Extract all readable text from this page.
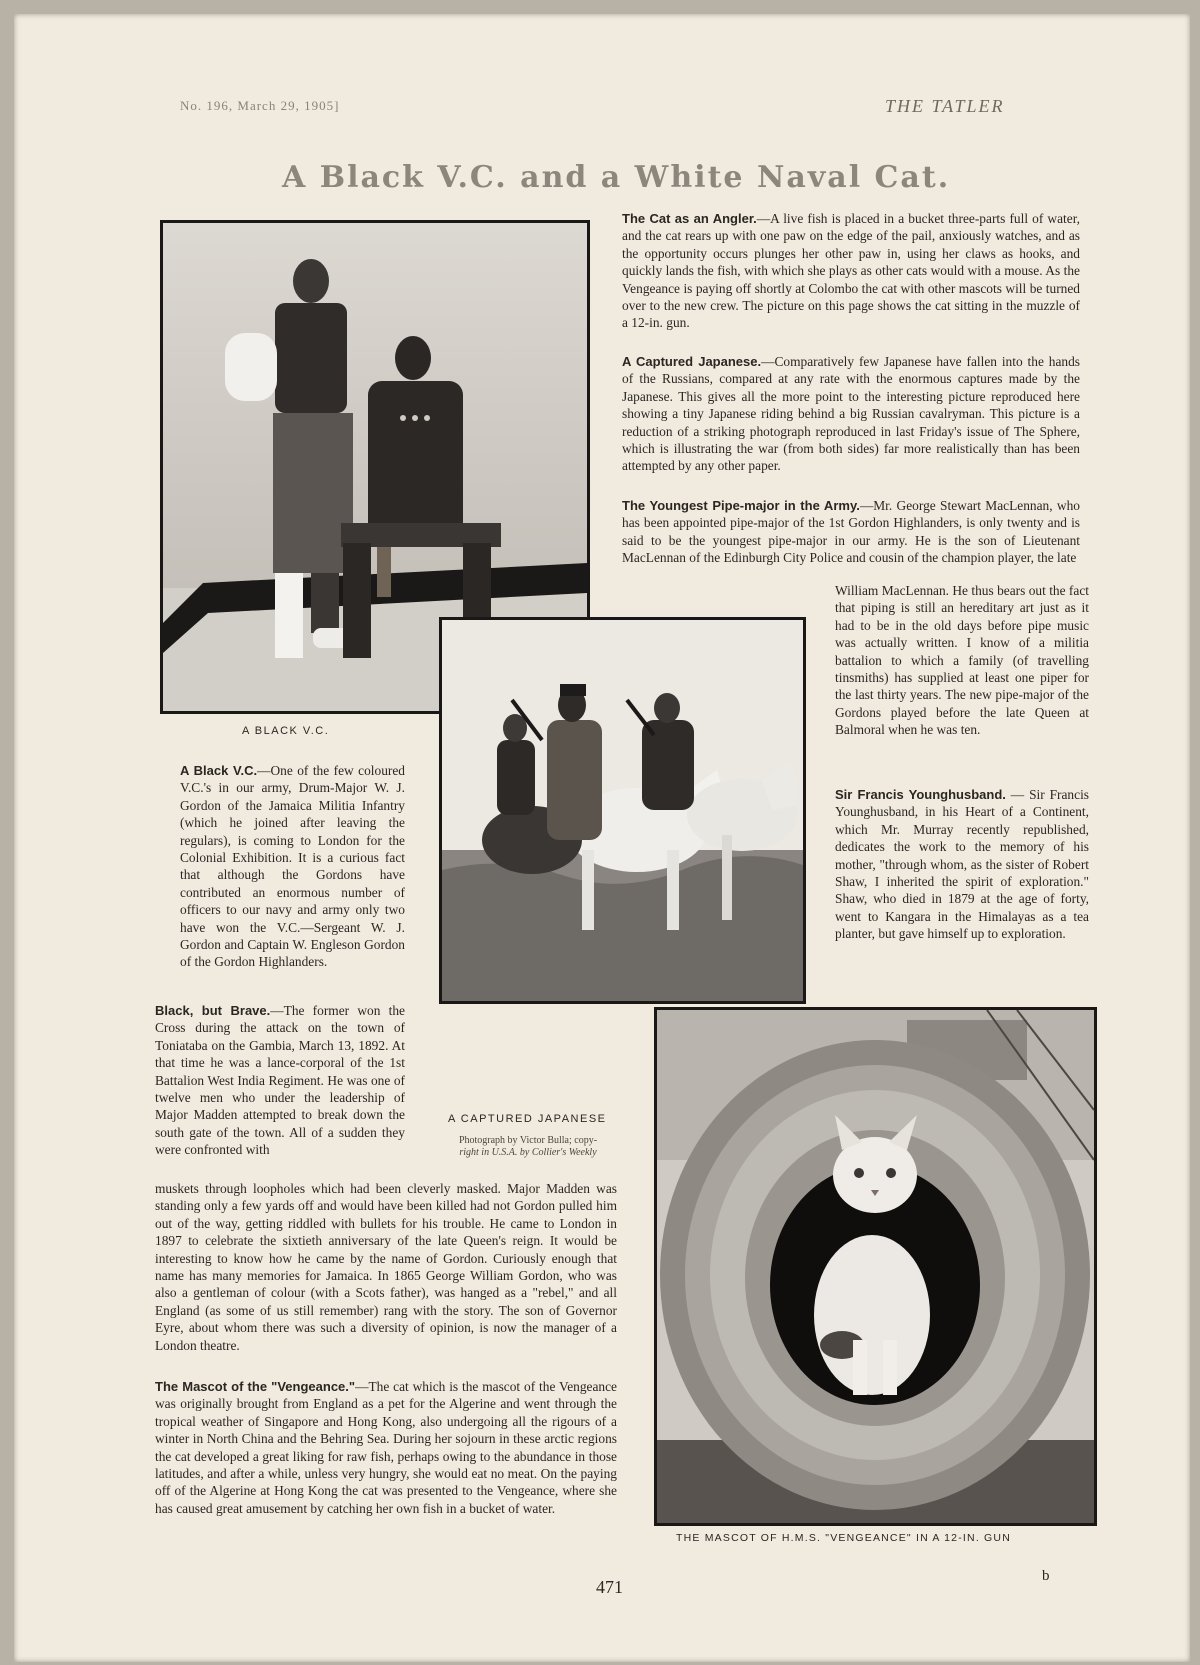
No. 196, March 29, 1905]	THE TATLER
A Black V.C. and a White Naval Cat.
A BLACK V.C.
A CAPTURED JAPANESE
Photograph by Victor Bulla; copy-
right in U.S.A. by Collier's Weekly
THE MASCOT OF H.M.S. "VENGEANCE" IN A 12-IN. GUN

The Cat as an Angler.—A live fish is placed in a bucket three-parts full of water, and the cat rears up with one paw on the edge of the pail, anxiously watches, and as the opportunity occurs plunges her other paw in, using her claws as hooks, and quickly lands the fish, with which she plays as other cats would with a mouse. As the Vengeance is paying off shortly at Colombo the cat with other mascots will be turned over to the new crew. The picture on this page shows the cat sitting in the muzzle of a 12-in. gun.

A Captured Japanese.—Comparatively few Japanese have fallen into the hands of the Russians, compared at any rate with the enormous captures made by the Japanese. This gives all the more point to the interesting picture reproduced here showing a tiny Japanese riding behind a big Russian cavalryman. This picture is a reduction of a striking photograph reproduced in last Friday's issue of The Sphere, which is illustrating the war (from both sides) far more realistically than has been attempted by any other paper.

The Youngest Pipe-major in the Army.—Mr. George Stewart MacLennan, who has been appointed pipe-major of the 1st Gordon Highlanders, is only twenty and is said to be the youngest pipe-major in our army. He is the son of Lieutenant MacLennan of the Edinburgh City Police and cousin of the champion player, the late

William MacLennan. He thus bears out the fact that piping is still an hereditary art just as it had to be in the old days before pipe music was actually written. I know of a militia battalion to which a family (of travelling tinsmiths) has supplied at least one piper for the last thirty years. The new pipe-major of the Gordons played before the late Queen at Balmoral when he was ten.

Sir Francis Younghusband. — Sir Francis Younghusband, in his Heart of a Continent, which Mr. Murray recently republished, dedicates the work to the memory of his mother, "through whom, as the sister of Robert Shaw, I inherited the spirit of exploration." Shaw, who died in 1879 at the age of forty, went to Kangara in the Himalayas as a tea planter, but gave himself up to exploration.

A Black V.C.—One of the few coloured V.C.'s in our army, Drum-Major W. J. Gordon of the Jamaica Militia Infantry (which he joined after leaving the regulars), is coming to London for the Colonial Exhibition. It is a curious fact that although the Gordons have contributed an enormous number of officers to our navy and army only two have won the V.C.—Sergeant W. J. Gordon and Captain W. Engleson Gordon of the Gordon Highlanders.

Black, but Brave.—The former won the Cross during the attack on the town of Toniataba on the Gambia, March 13, 1892. At that time he was a lance-corporal of the 1st Battalion West India Regiment. He was one of twelve men who under the leadership of Major Madden attempted to break down the south gate of the town. All of a sudden they were confronted with

muskets through loopholes which had been cleverly masked. Major Madden was standing only a few yards off and would have been killed had not Gordon pulled him out of the way, getting riddled with bullets for his trouble. He came to London in 1897 to celebrate the sixtieth anniversary of the late Queen's reign. It would be interesting to know how he came by the name of Gordon. Curiously enough that name has many memories for Jamaica. In 1865 George William Gordon, who was also a gentleman of colour (with a Scots father), was hanged as a "rebel," and all England (as some of us still remember) rang with the story. The son of Governor Eyre, about whom there was such a diversity of opinion, is now the manager of a London theatre.

The Mascot of the "Vengeance."—The cat which is the mascot of the Vengeance was originally brought from England as a pet for the Algerine and went through the tropical weather of Singapore and Hong Kong, also undergoing all the rigours of a winter in North China and the Behring Sea. During her sojourn in these arctic regions the cat developed a great liking for raw fish, perhaps owing to the abundance in those latitudes, and after a while, unless very hungry, she would eat no meat. On the paying off of the Algerine at Hong Kong the cat was presented to the Vengeance, where she has caused great amusement by catching her own fish in a bucket of water.

471
b
